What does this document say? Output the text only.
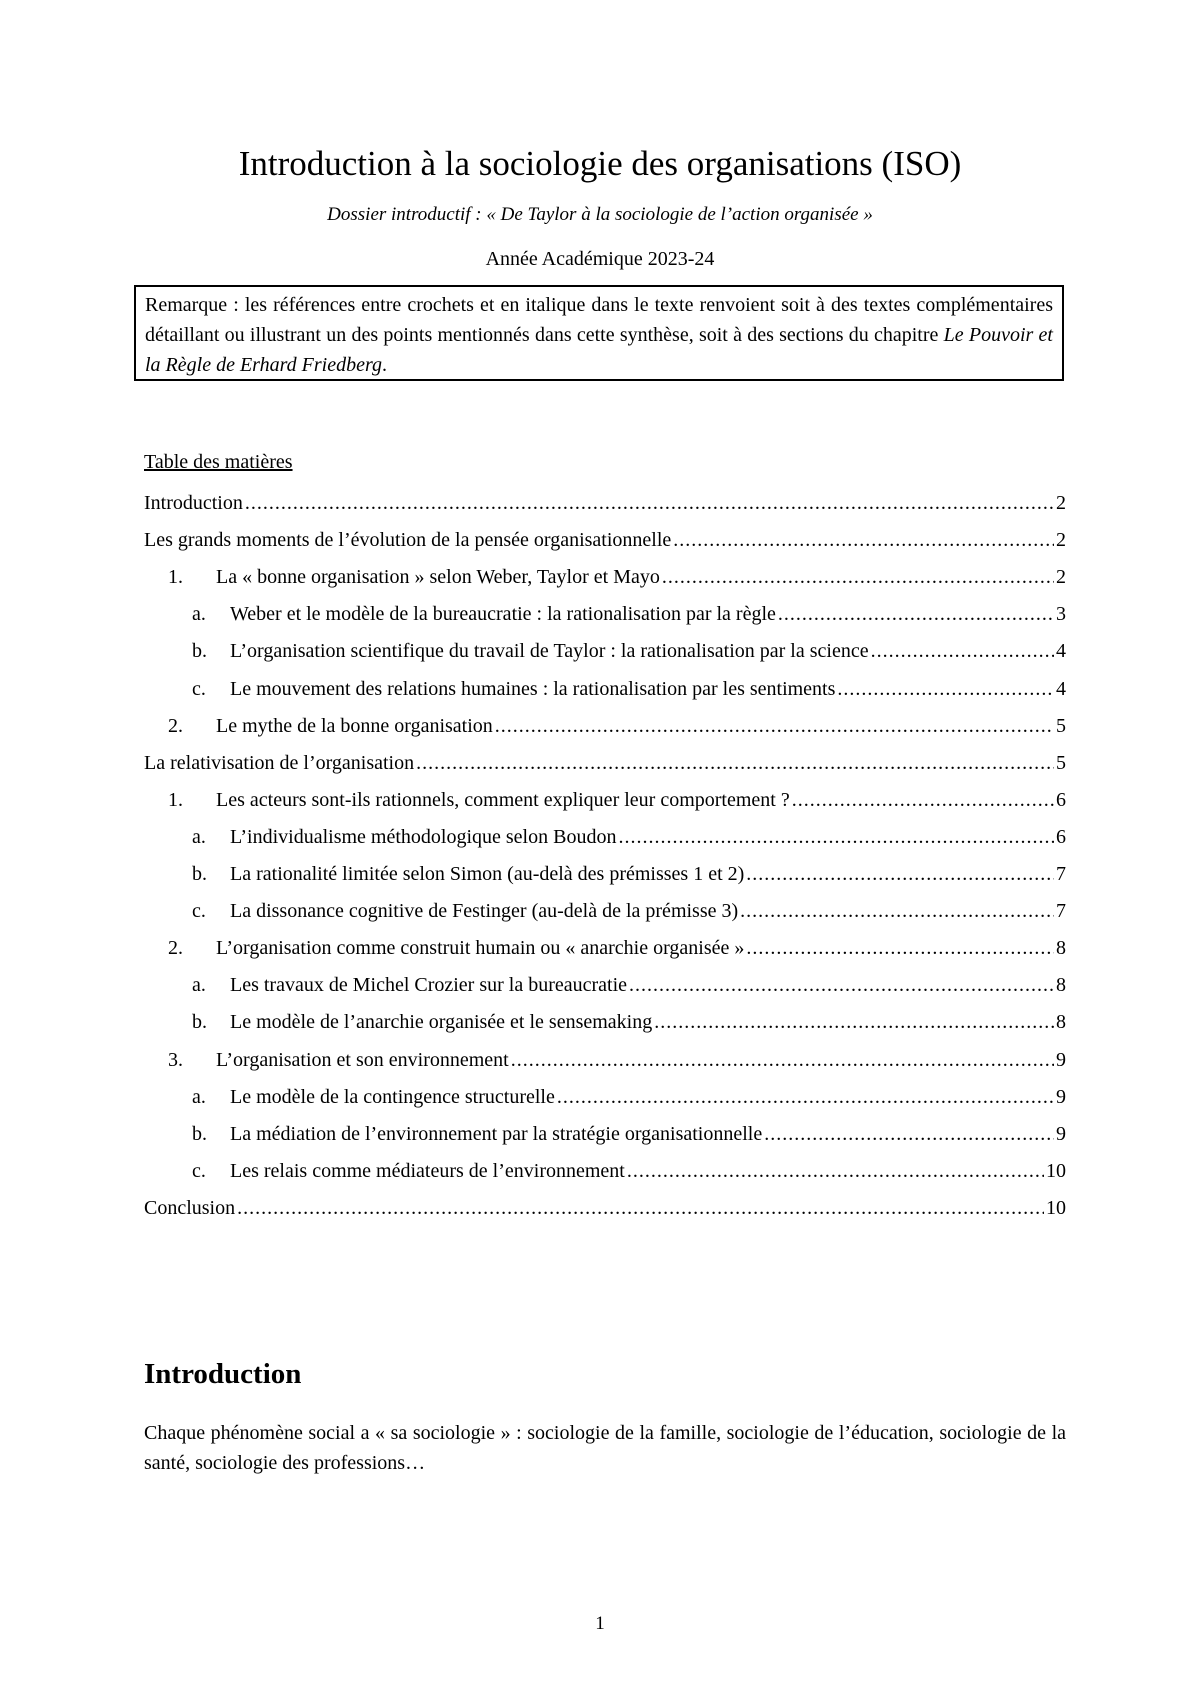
Introduction à la sociologie des organisations (ISO)
Dossier introductif : « De Taylor à la sociologie de l’action organisée »
Année Académique 2023-24

Remarque : les références entre crochets et en italique dans le texte renvoient soit à des textes complémentaires détaillant ou illustrant un des points mentionnés dans cette synthèse, soit à des sections du chapitre Le Pouvoir et la Règle de Erhard Friedberg.

Table des matières
Introduction .....	2
Les grands moments de l’évolution de la pensée organisationnelle .....	2
1.	La « bonne organisation » selon Weber, Taylor et Mayo .....	2
a.	Weber et le modèle de la bureaucratie : la rationalisation par la règle .....	3
b.	L’organisation scientifique du travail de Taylor : la rationalisation par la science .....	4
c.	Le mouvement des relations humaines : la rationalisation par les sentiments .....	4
2.	Le mythe de la bonne organisation .....	5
La relativisation de l’organisation .....	5
1.	Les acteurs sont-ils rationnels, comment expliquer leur comportement ? .....	6
a.	L’individualisme méthodologique selon Boudon .....	6
b.	La rationalité limitée selon Simon (au-delà des prémisses 1 et 2) .....	7
c.	La dissonance cognitive de Festinger (au-delà de la prémisse 3) .....	7
2.	L’organisation comme construit humain ou « anarchie organisée » .....	8
a.	Les travaux de Michel Crozier sur la bureaucratie .....	8
b.	Le modèle de l’anarchie organisée et le sensemaking .....	8
3.	L’organisation et son environnement .....	9
a.	Le modèle de la contingence structurelle .....	9
b.	La médiation de l’environnement par la stratégie organisationnelle .....	9
c.	Les relais comme médiateurs de l’environnement .....	10
Conclusion .....	10
Introduction

Chaque phénomène social a « sa sociologie » : sociologie de la famille, sociologie de l’éducation, sociologie de la santé, sociologie des professions…

1
